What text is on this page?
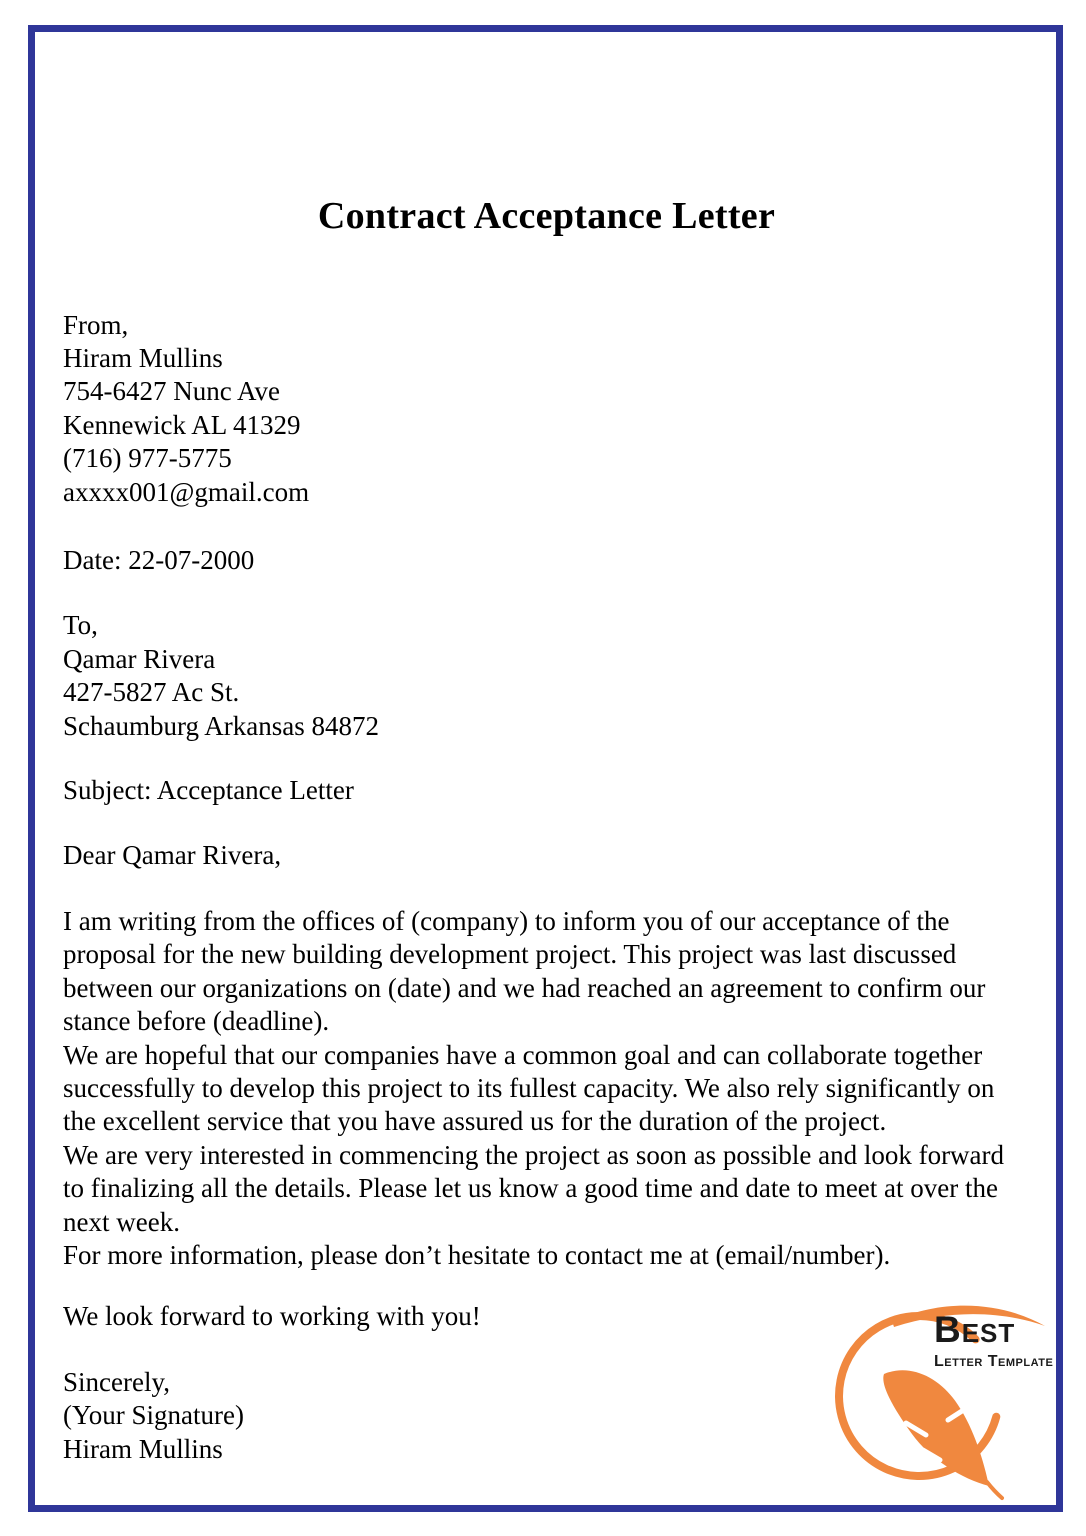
Contract Acceptance Letter
From,
Hiram Mullins
754-6427 Nunc Ave
Kennewick AL 41329
(716) 977-5775
axxxx001@gmail.com
Date: 22-07-2000
To,
Qamar Rivera
427-5827 Ac St.
Schaumburg Arkansas 84872
Subject: Acceptance Letter
Dear Qamar Rivera,

I am writing from the offices of (company) to inform you of our acceptance of the proposal for the new building development project. This project was last discussed between our organizations on (date) and we had reached an agreement to confirm our stance before (deadline).

We are hopeful that our companies have a common goal and can collaborate together successfully to develop this project to its fullest capacity. We also rely significantly on the excellent service that you have assured us for the duration of the project.

We are very interested in commencing the project as soon as possible and look forward to finalizing all the details. Please let us know a good time and date to meet at over the next week.

For more information, please don’t hesitate to contact me at (email/number).

We look forward to working with you!
Sincerely,
(Your Signature)
Hiram Mullins
Best
Letter Template
